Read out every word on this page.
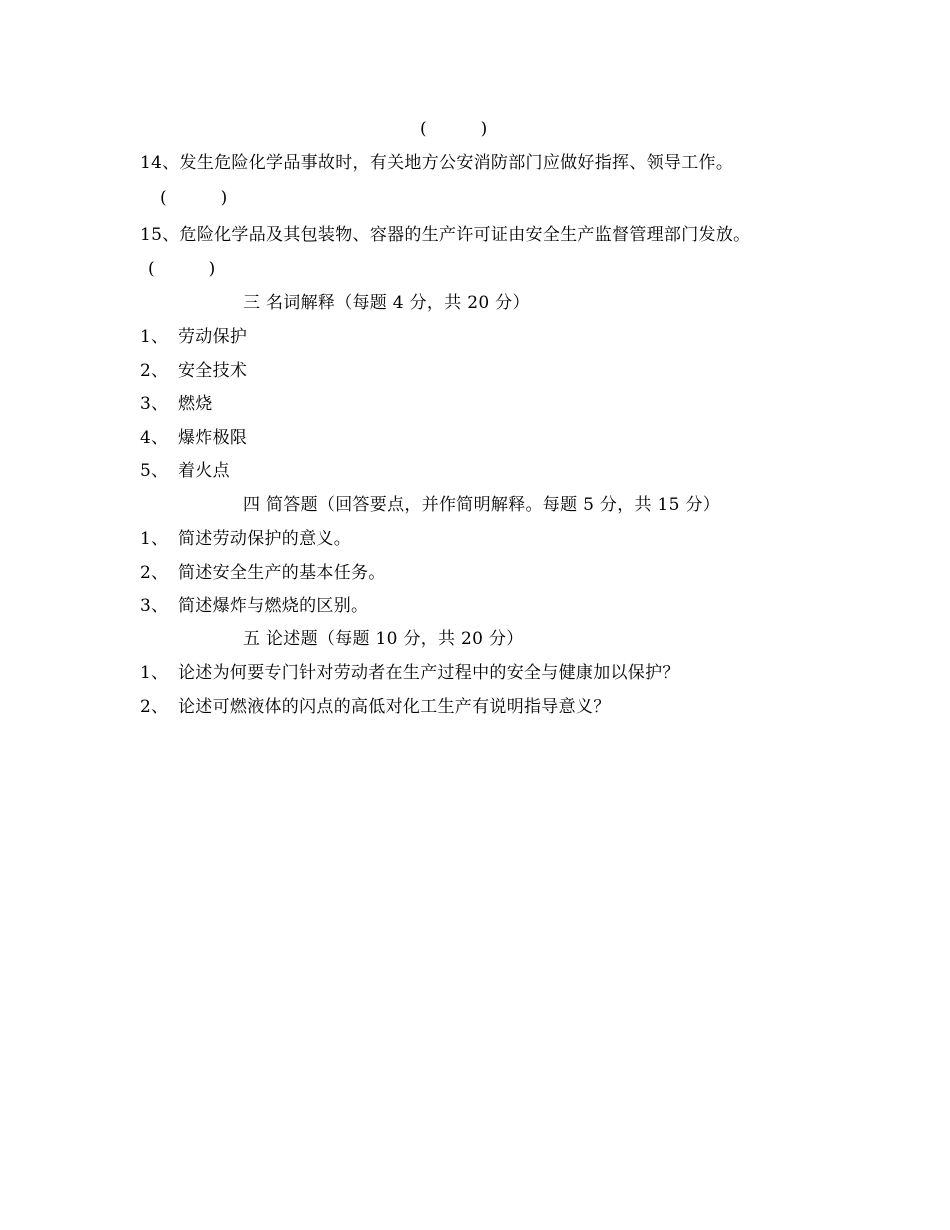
(          )
14、发生危险化学品事故时，有关地方公安消防部门应做好指挥、领导工作。
(          )
15、危险化学品及其包装物、容器的生产许可证由安全生产监督管理部门发放。
(          )
三 名词解释（每题 4 分，共 20 分）
1、 劳动保护
2、 安全技术
3、 燃烧
4、 爆炸极限
5、 着火点
四 简答题（回答要点，并作简明解释。每题 5 分，共 15 分）
1、 简述劳动保护的意义。
2、 简述安全生产的基本任务。
3、 简述爆炸与燃烧的区别。
五 论述题（每题 10 分，共 20 分）
1、 论述为何要专门针对劳动者在生产过程中的安全与健康加以保护？
2、 论述可燃液体的闪点的高低对化工生产有说明指导意义？
